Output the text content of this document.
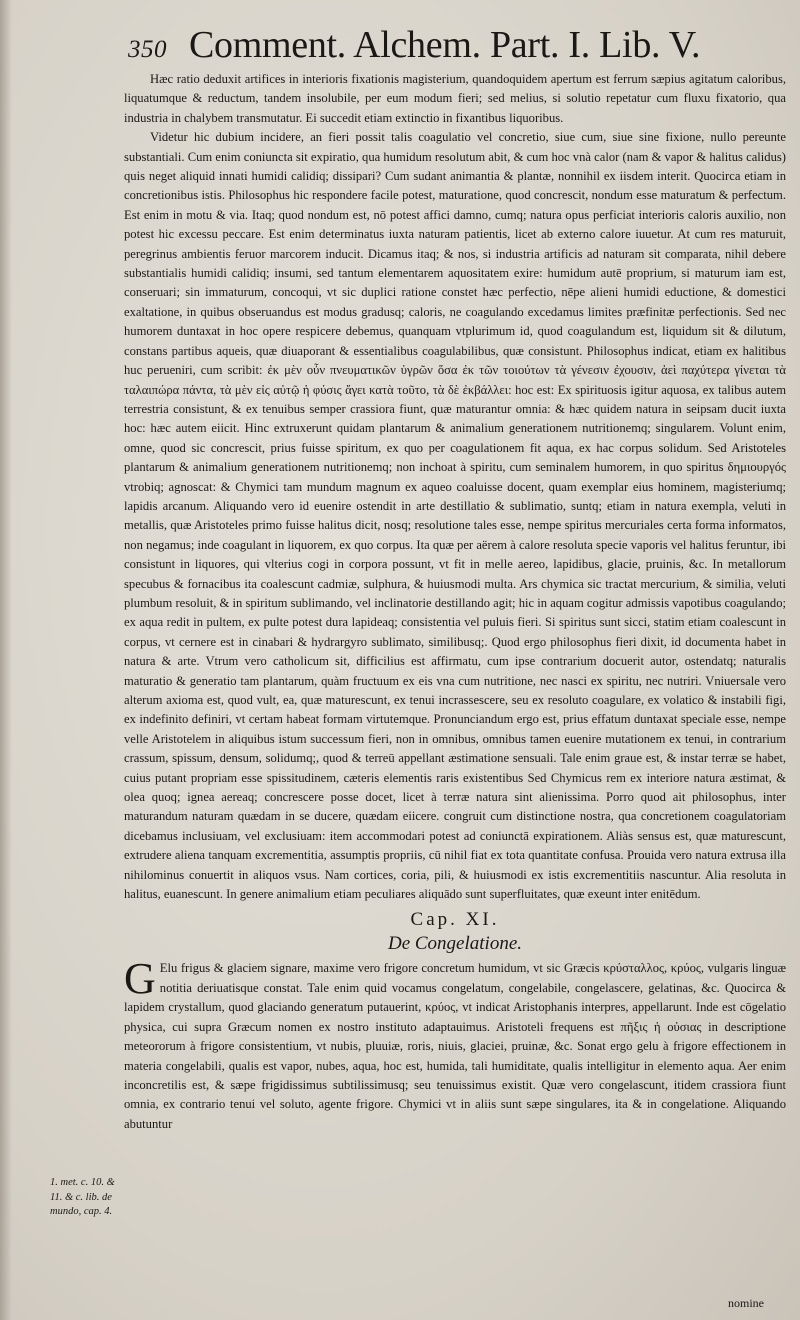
350 Comment. Alchem. Part. I. Lib. V.

Hæc ratio deduxit artifices in interioris fixationis magisterium, quandoquidem apertum est ferrum sæpius agitatum caloribus, liquatumque & reductum, tandem insolubile, per eum modum fieri; sed melius, si solutio repetatur cum fluxu fixatorio, qua industria in chalybem transmutatur. Ei succedit etiam extinctio in fixantibus liquoribus.

Videtur hic dubium incidere, an fieri possit talis coagulatio vel concretio, siue cum, siue sine fixione, nullo pereunte substantiali. Cum enim coniuncta sit expiratio, qua humidum resolutum abit, & cum hoc vnà calor (nam & vapor & halitus calidus) quis neget aliquid innati humidi calidiq; dissipari? Cum sudant animantia & plantæ, nonnihil ex iisdem interit. Quocirca etiam in concretionibus istis. Philosophus hic respondere facile potest, maturatione, quod concrescit, nondum esse maturatum & perfectum. Est enim in motu & via. Itaq; quod nondum est, nō potest affici damno, cumq; natura opus perficiat interioris caloris auxilio, non potest hic excessu peccare. Est enim determinatus iuxta naturam patientis, licet ab externo calore iuuetur. At cum res maturuit, peregrinus ambientis feruor marcorem inducit. Dicamus itaq; & nos, si industria artificis ad naturam sit comparata, nihil debere substantialis humidi calidiq; insumi, sed tantum elementarem aquositatem exire: humidum autē proprium, si maturum iam est, conseruari; sin immaturum, concoqui, vt sic duplici ratione constet hæc perfectio, nēpe alieni humidi eductione, & domestici exaltatione, in quibus obseruandus est modus gradusq; caloris, ne coagulando excedamus limites præfinitæ perfectionis. Sed nec humorem duntaxat in hoc opere respicere debemus, quanquam vtplurimum id, quod coagulandum est, liquidum sit & dilutum, constans partibus aqueis, quæ diuaporant & essentialibus coagulabilibus, quæ consistunt. Philosophus indicat, etiam ex halitibus huc perueniri, cum scribit: ἐκ μὲν οὖν πνευματικῶν ὑγρῶν ὅσα ἐκ τῶν τοιούτων τὰ γένεσιν ἐχουσιν, ἀεὶ παχύτερα γίνεται τὰ ταλαιπώρα πάντα, τὰ μὲν εἰς αὐτῷ ἡ φύσις ἄγει κατὰ τοῦτο, τὰ δὲ ἐκβάλλει: hoc est: Ex spirituosis igitur aquosa, ex talibus autem terrestria consistunt, & ex tenuibus semper crassiora fiunt, quæ maturantur omnia: & hæc quidem natura in seipsam ducit iuxta hoc: hæc autem eiicit. Hinc extruxerunt quidam plantarum & animalium generationem nutritionemq; singularem. Volunt enim, omne, quod sic concrescit, prius fuisse spiritum, ex quo per coagulationem fit aqua, ex hac corpus solidum. Sed Aristoteles plantarum & animalium generationem nutritionemq; non inchoat à spiritu, cum seminalem humorem, in quo spiritus δημιουργός vtrobiq; agnoscat: & Chymici tam mundum magnum ex aqueo coaluisse docent, quam exemplar eius hominem, magisteriumq; lapidis arcanum. Aliquando vero id euenire ostendit in arte destillatio & sublimatio, suntq; etiam in natura exempla, veluti in metallis, quæ Aristoteles primo fuisse halitus dicit, nosq; resolutione tales esse, nempe spiritus mercuriales certa forma informatos, non negamus; inde coagulant in liquorem, ex quo corpus. Ita quæ per aërem à calore resoluta specie vaporis vel halitus feruntur, ibi consistunt in liquores, qui vlterius cogi in corpora possunt, vt fit in melle aereo, lapidibus, glacie, pruinis, &c. In metallorum specubus & fornacibus ita coalescunt cadmiæ, sulphura, & huiusmodi multa. Ars chymica sic tractat mercurium, & similia, veluti plumbum resoluit, & in spiritum sublimando, vel inclinatorie destillando agit; hic in aquam cogitur admissis vapotibus coagulando; ex aqua redit in pultem, ex pulte potest dura lapideaq; consistentia vel puluis fieri. Si spiritus sunt sicci, statim etiam coalescunt in corpus, vt cernere est in cinabari & hydrargyro sublimato, similibusq;. Quod ergo philosophus fieri dixit, id documenta habet in natura & arte. Vtrum vero catholicum sit, difficilius est affirmatu, cum ipse contrarium docuerit autor, ostendatq; naturalis maturatio & generatio tam plantarum, quàm fructuum ex eis vna cum nutritione, nec nasci ex spiritu, nec nutriri. Vniuersale vero alterum axioma est, quod vult, ea, quæ maturescunt, ex tenui incrassescere, seu ex resoluto coagulare, ex volatico & instabili figi, ex indefinito definiri, vt certam habeat formam virtutemque. Pronunciandum ergo est, prius effatum duntaxat speciale esse, nempe velle Aristotelem in aliquibus istum successum fieri, non in omnibus, omnibus tamen euenire mutationem ex tenui, in contrarium crassum, spissum, densum, solidumq;, quod & terreū appellant æstimatione sensuali. Tale enim graue est, & instar terræ se habet, cuius putant propriam esse spissitudinem, cæteris elementis raris existentibus Sed Chymicus rem ex interiore natura æstimat, & olea quoq; ignea aereaq; concrescere posse docet, licet à terræ natura sint alienissima. Porro quod ait philosophus, inter maturandum naturam quædam in se ducere, quædam eiicere. congruit cum distinctione nostra, qua concretionem coagulatoriam dicebamus inclusiuam, vel exclusiuam: item accommodari potest ad coniunctā expirationem. Aliàs sensus est, quæ maturescunt, extrudere aliena tanquam excrementitia, assumptis propriis, cū nihil fiat ex tota quantitate confusa. Prouida vero natura extrusa illa nihilominus conuertit in aliquos vsus. Nam cortices, coria, pili, & huiusmodi ex istis excrementitiis nascuntur. Alia resoluta in halitus, euanescunt. In genere animalium etiam peculiares aliquādo sunt superfluitates, quæ exeunt inter enitēdum.

Cap. XI.
De Congelatione.

G Elu frigus & glaciem signare, maxime vero frigore concretum humidum, vt sic Græcis κρύσταλλος, κρύος, vulgaris linguæ notitia deriuatisque constat. Tale enim quid vocamus congelatum, congelabile, congelascere, gelatinas, &c. Quocirca & lapidem crystallum, quod glaciando generatum putauerint, κρύος, vt indicat Aristophanis interpres, appellarunt. Inde est cōgelatio physica, cui supra Græcum nomen ex nostro instituto adaptauimus. Aristoteli frequens est πῆξις ἡ οὐσιας in descriptione meteororum à frigore consistentium, vt nubis, pluuiæ, roris, niuis, glaciei, pruinæ, &c. Sonat ergo gelu à frigore effectionem in materia congelabili, qualis est vapor, nubes, aqua, hoc est, humida, tali humiditate, qualis intelligitur in elemento aqua. Aer enim inconcretilis est, & sæpe frigidissimus subtilissimusq; seu tenuissimus existit. Quæ vero congelascunt, itidem crassiora fiunt omnia, ex contrario tenui vel soluto, agente frigore. Chymici vt in aliis sunt sæpe singulares, ita & in congelatione. Aliquando abutuntur

1. met. c. 10. & 11. & c. lib. de mundo, cap. 4.
nomine
